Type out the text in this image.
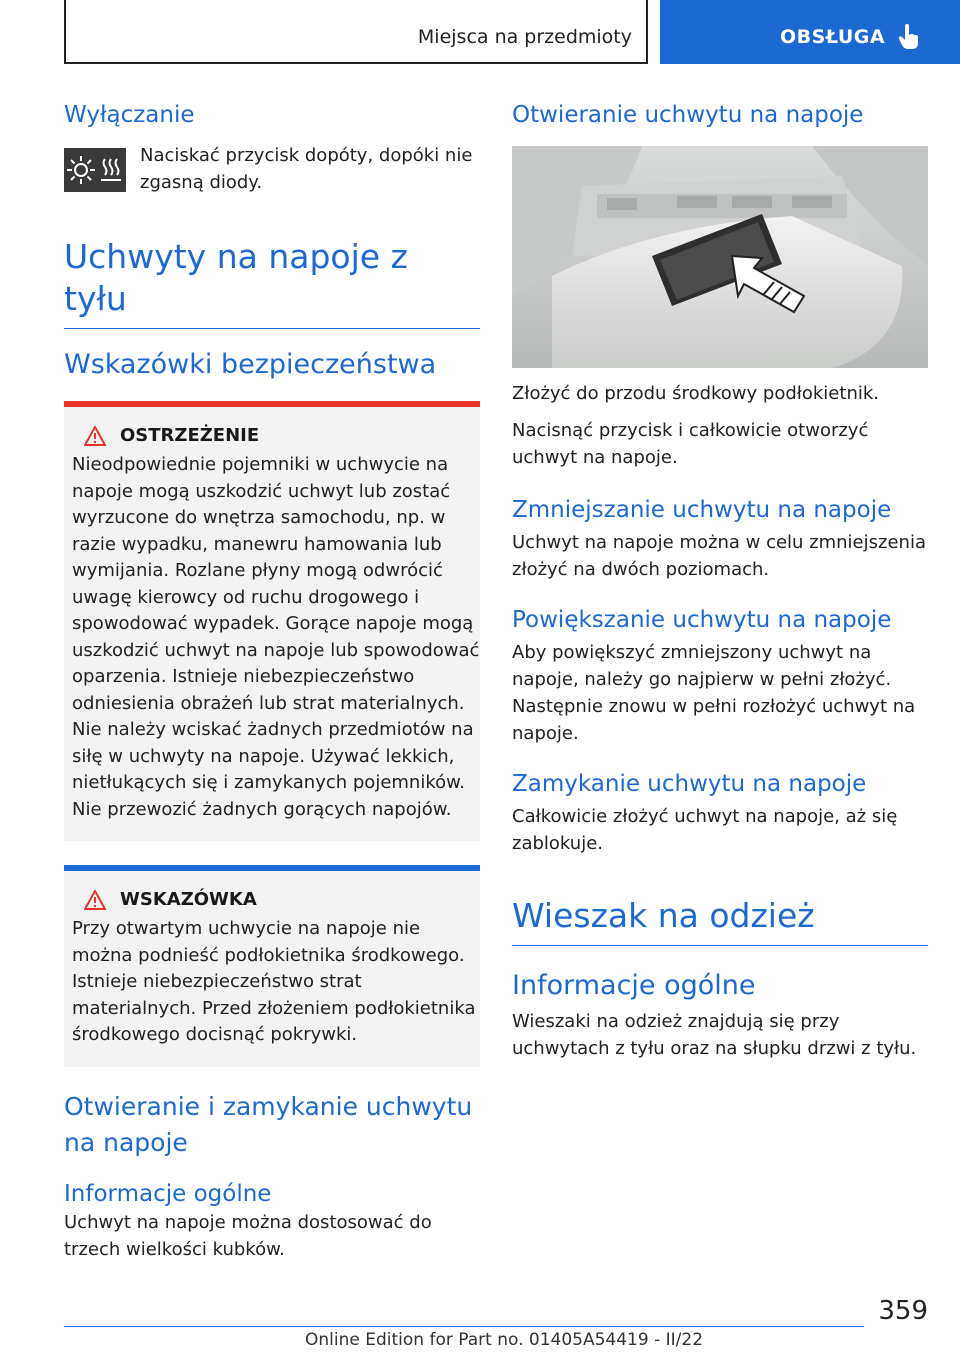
Miejsca na przedmioty	OBSŁUGA
Wyłączanie

Naciskać przycisk dopóty, dopóki nie zgasną diody.

Uchwyty na napoje z tyłu
Wskazówki bezpieczeństwa
OSTRZEŻENIE

Nieodpowiednie pojemniki w uchwycie na napoje mogą uszkodzić uchwyt lub zostać wyrzucone do wnętrza samochodu, np. w razie wypadku, manewru hamowania lub wymijania. Rozlane płyny mogą odwrócić uwagę kierowcy od ruchu drogowego i spowodować wypadek. Gorące napoje mogą uszkodzić uchwyt na napoje lub spowodować oparzenia. Istnieje niebezpieczeństwo odniesienia obrażeń lub strat materialnych. Nie należy wciskać żadnych przedmiotów na siłę w uchwyty na napoje. Używać lekkich, nietłukących się i zamykanych pojemników. Nie przewozić żadnych gorących napojów.

WSKAZÓWKA

Przy otwartym uchwycie na napoje nie można podnieść podłokietnika środkowego. Istnieje niebezpieczeństwo strat materialnych. Przed złożeniem podłokietnika środkowego docisnąć pokrywki.

Otwieranie i zamykanie uchwytu na napoje
Informacje ogólne

Uchwyt na napoje można dostosować do trzech wielkości kubków.

Otwieranie uchwytu na napoje

Złożyć do przodu środkowy podłokietnik.

Nacisnąć przycisk i całkowicie otworzyć uchwyt na napoje.

Zmniejszanie uchwytu na napoje

Uchwyt na napoje można w celu zmniejszenia złożyć na dwóch poziomach.

Powiększanie uchwytu na napoje

Aby powiększyć zmniejszony uchwyt na napoje, należy go najpierw w pełni złożyć. Następnie znowu w pełni rozłożyć uchwyt na napoje.

Zamykanie uchwytu na napoje

Całkowicie złożyć uchwyt na napoje, aż się zablokuje.

Wieszak na odzież
Informacje ogólne

Wieszaki na odzież znajdują się przy uchwytach z tyłu oraz na słupku drzwi z tyłu.

359
Online Edition for Part no. 01405A54419 - II/22
